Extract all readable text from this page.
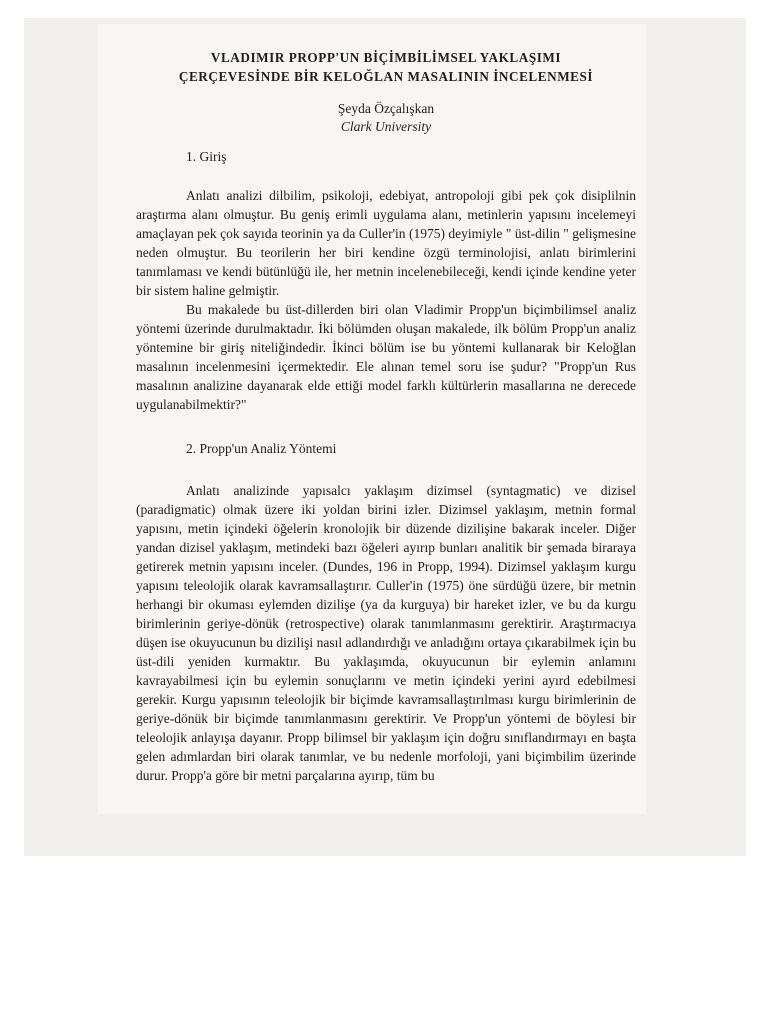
VLADIMIR PROPP'UN BİÇİMBİLİMSEL YAKLAŞIMI
ÇERÇEVESİNDE BİR KELOĞLAN MASALININ İNCELENMESİ
Şeyda Özçalışkan
Clark University
1. Giriş

Anlatı analizi dilbilim, psikoloji, edebiyat, antropoloji gibi pek çok disiplilnin araştırma alanı olmuştur. Bu geniş erimli uygulama alanı, metinlerin yapısını incelemeyi amaçlayan pek çok sayıda teorinin ya da Culler'in (1975) deyimiyle " üst-dilin " gelişmesine neden olmuştur. Bu teorilerin her biri kendine özgü terminolojisi, anlatı birimlerini tanımlaması ve kendi bütünlüğü ile, her metnin incelenebileceği, kendi içinde kendine yeter bir sistem haline gelmiştir.

Bu makalede bu üst-dillerden biri olan Vladimir Propp'un biçimbilimsel analiz yöntemi üzerinde durulmaktadır. İki bölümden oluşan makalede, ilk bölüm Propp'un analiz yöntemine bir giriş niteliğindedir. İkinci bölüm ise bu yöntemi kullanarak bir Keloğlan masalının incelenmesini içermektedir. Ele alınan temel soru ise şudur? "Propp'un Rus masalının analizine dayanarak elde ettiği model farklı kültürlerin masallarına ne derecede uygulanabilmektir?"

2. Propp'un Analiz Yöntemi

Anlatı analizinde yapısalcı yaklaşım dizimsel (syntagmatic) ve dizisel (paradigmatic) olmak üzere iki yoldan birini izler. Dizimsel yaklaşım, metnin formal yapısını, metin içindeki öğelerin kronolojik bir düzende dizilişine bakarak inceler. Diğer yandan dizisel yaklaşım, metindeki bazı öğeleri ayırıp bunları analitik bir şemada biraraya getirerek metnin yapısını inceler. (Dundes, 196 in Propp, 1994). Dizimsel yaklaşım kurgu yapısını teleolojik olarak kavramsallaştırır. Culler'in (1975) öne sürdüğü üzere, bir metnin herhangi bir okuması eylemden dizilişe (ya da kurguya) bir hareket izler, ve bu da kurgu birimlerinin geriye-dönük (retrospective) olarak tanımlanmasını gerektirir. Araştırmacıya düşen ise okuyucunun bu dizilişi nasıl adlandırdığı ve anladığını ortaya çıkarabilmek için bu üst-dili yeniden kurmaktır. Bu yaklaşımda, okuyucunun bir eylemin anlamını kavrayabilmesi için bu eylemin sonuçlarını ve metin içindeki yerini ayırd edebilmesi gerekir. Kurgu yapısının teleolojik bir biçimde kavramsallaştırılması kurgu birimlerinin de geriye-dönük bir biçimde tanımlanmasını gerektirir. Ve Propp'un yöntemi de böylesi bir teleolojik anlayışa dayanır. Propp bilimsel bir yaklaşım için doğru sınıflandırmayı en başta gelen adımlardan biri olarak tanımlar, ve bu nedenle morfoloji, yani biçimbilim üzerinde durur. Propp'a göre bir metni parçalarına ayırıp, tüm bu
